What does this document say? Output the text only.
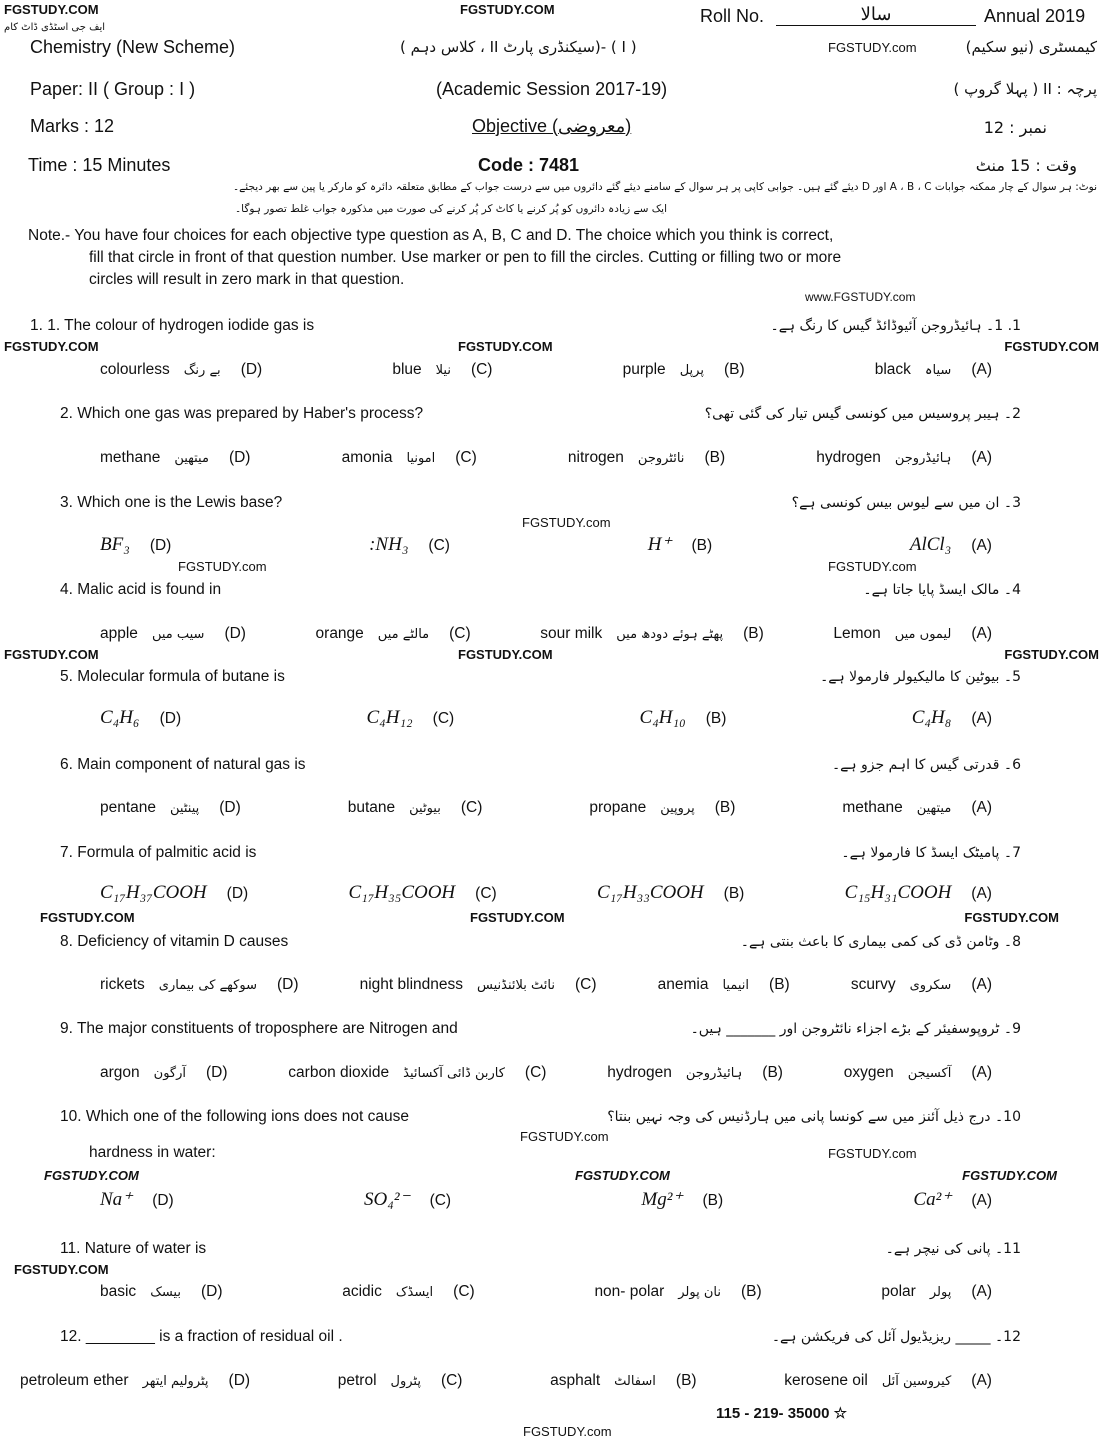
FGSTUDY.COM	FGSTUDY.COM	Roll No.	سالا	Annual 2019
ایف جی اسٹڈی ڈاٹ کام
Chemistry (New Scheme)	( I ) -(سیکنڈری پارٹ II ، کلاس دہم )	FGSTUDY.com	کیمسٹری (نیو سکیم)
Paper: II ( Group : I )	(Academic Session 2017-19)	پرچہ : II ( پہلا گروپ )
Marks : 12	Objective (معروضی)	نمبر : 12
Time : 15 Minutes	Code : 7481	وقت : 15 منٹ
نوٹ: ہر سوال کے چار ممکنہ جوابات A ، B ، C اور D دیئے گئے ہیں۔ جوابی کاپی پر ہر سوال کے سامنے دیئے گئے دائروں میں سے درست جواب کے مطابق متعلقہ دائرہ کو مارکر یا پین سے بھر دیجئے۔
ایک سے زیادہ دائروں کو پُر کرنے یا کاٹ کر پُر کرنے کی صورت میں مذکورہ جواب غلط تصور ہوگا۔
Note.- You have four choices for each objective type question as A, B, C and D. The choice which you think is correct,
fill that circle in front of that question number. Use marker or pen to fill the circles. Cutting or filling two or more
circles will result in zero mark in that question.
www.FGSTUDY.com
1. 1. The colour of hydrogen iodide gas is	1. 1۔ ہائیڈروجن آئیوڈائڈ گیس کا رنگ ہے۔
black سیاہ (A)
purple پرپل (B)
blue نیلا (C)
colourless بے رنگ (D)
2. Which one gas was prepared by Haber's process?	2۔ ہیبر پروسیس میں کونسی گیس تیار کی گئی تھی؟
hydrogen ہائیڈروجن (A)
nitrogen نائٹروجن (B)
amonia امونیا (C)
methane میتھین (D)
3. Which one is the Lewis base?	3۔ ان میں سے لیوس بیس کونسی ہے؟
AlCl₃ (A)
H⁺ (B)
:NH₃ (C)
BF₃ (D)
4. Malic acid is found in	4۔ مالک ایسڈ پایا جاتا ہے۔
Lemon لیموں میں (A)
sour milk پھٹے ہوئے دودھ میں (B)
orange مالٹے میں (C)
apple سیب میں (D)
5. Molecular formula of butane is	5۔ بیوٹین کا مالیکیولر فارمولا ہے۔
C₄H₈ (A)
C₄H₁₀ (B)
C₄H₁₂ (C)
C₄H₆ (D)
6. Main component of natural gas is	6۔ قدرتی گیس کا اہم جزو ہے۔
methane میتھین (A)
propane پروپین (B)
butane بیوٹین (C)
pentane پینٹین (D)
7. Formula of palmitic acid is	7۔ پامیٹک ایسڈ کا فارمولا ہے۔
C₁₅H₃₁COOH (A)
C₁₇H₃₃COOH (B)
C₁₇H₃₅COOH (C)
C₁₇H₃₇COOH (D)
8. Deficiency of vitamin D causes	8۔ وٹامن ڈی کی کمی بیماری کا باعث بنتی ہے۔
scurvy سکروی (A)
anemia انیمیا (B)
night blindness نائٹ بلائنڈنیس (C)
rickets سوکھے کی بیماری (D)
9. The major constituents of troposphere are Nitrogen and	9۔ ٹروپوسفیئر کے بڑے اجزاء نائٹروجن اور _______ ہیں۔
oxygen آکسیجن (A)
hydrogen ہائیڈروجن (B)
carbon dioxide کاربن ڈائی آکسائیڈ (C)
argon آرگون (D)
10. Which one of the following ions does not cause	10۔ درج ذیل آئنز میں سے کونسا پانی میں ہارڈنیس کی وجہ نہیں بنتا؟
hardness in water:
Ca²⁺ (A)
Mg²⁺ (B)
SO₄²⁻ (C)
Na⁺ (D)
11. Nature of water is	11۔ پانی کی نیچر ہے۔
polar پولر (A)
non- polar نان پولر (B)
acidic ایسڈک (C)
basic بیسک (D)
12. ________ is a fraction of residual oil .	12۔ _____ ریزیڈیول آئل کی فریکشن ہے۔
kerosene oil کیروسین آئل (A)
asphalt اسفالٹ (B)
petrol پٹرول (C)
petroleum ether پٹرولیم ایتھر (D)
FGSTUDY.COM	FGSTUDY.COM	FGSTUDY.COM
FGSTUDY.com
FGSTUDY.com	FGSTUDY.com
FGSTUDY.COM	FGSTUDY.COM	FGSTUDY.COM
FGSTUDY.COM	FGSTUDY.COM	FGSTUDY.COM
FGSTUDY.com
FGSTUDY.com
FGSTUDY.COM	FGSTUDY.COM	FGSTUDY.COM
FGSTUDY.COM
115 - 219- 35000 ☆
FGSTUDY.com
